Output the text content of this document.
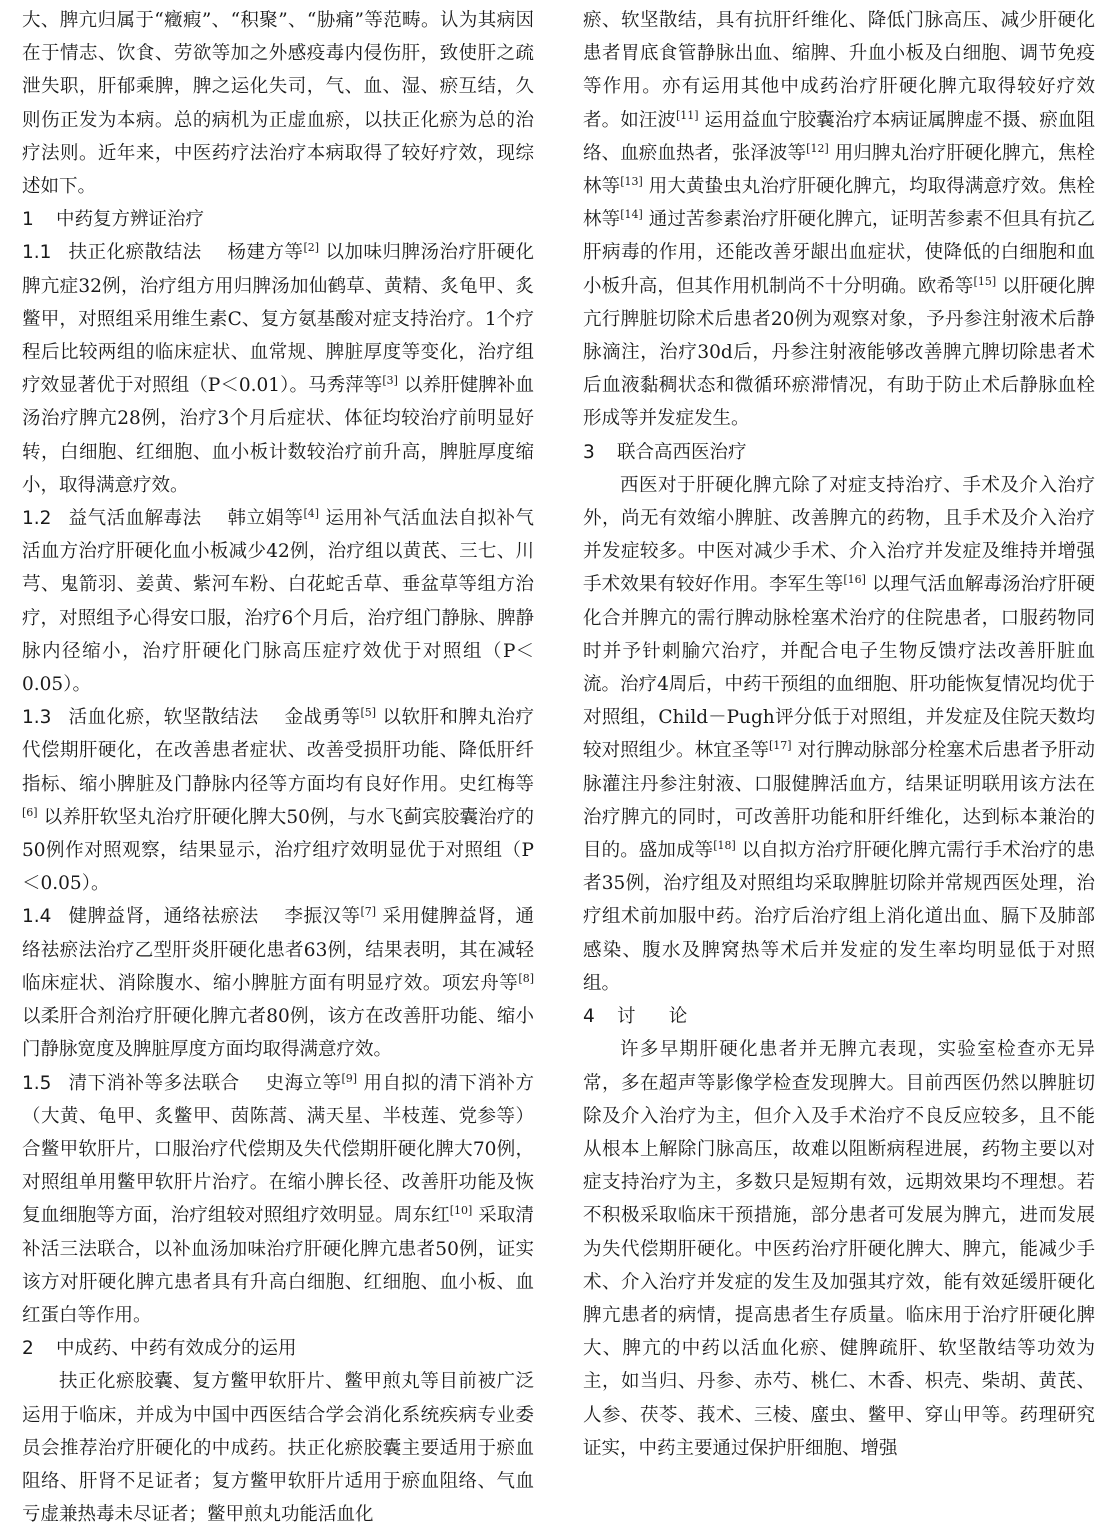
大、脾亢归属于“癥瘕”、“积聚”、“胁痛”等范畴。认为其病因在于情志、饮食、劳欲等加之外感疫毒内侵伤肝，致使肝之疏泄失职，肝郁乘脾，脾之运化失司，气、血、湿、瘀互结，久则伤正发为本病。总的病机为正虚血瘀，以扶正化瘀为总的治疗法则。近年来，中医药疗法治疗本病取得了较好疗效，现综述如下。

1 中药复方辨证治疗

1.1 扶正化瘀散结法 杨建方等[2] 以加味归脾汤治疗肝硬化脾亢症32例，治疗组方用归脾汤加仙鹤草、黄精、炙龟甲、炙鳖甲，对照组采用维生素C、复方氨基酸对症支持治疗。1个疗程后比较两组的临床症状、血常规、脾脏厚度等变化，治疗组疗效显著优于对照组（P＜0.01）。马秀萍等[3] 以养肝健脾补血汤治疗脾亢28例，治疗3个月后症状、体征均较治疗前明显好转，白细胞、红细胞、血小板计数较治疗前升高，脾脏厚度缩小，取得满意疗效。

1.2 益气活血解毒法 韩立娟等[4] 运用补气活血法自拟补气活血方治疗肝硬化血小板减少42例，治疗组以黄芪、三七、川芎、鬼箭羽、姜黄、紫河车粉、白花蛇舌草、垂盆草等组方治疗，对照组予心得安口服，治疗6个月后，治疗组门静脉、脾静脉内径缩小，治疗肝硬化门脉高压症疗效优于对照组（P＜0.05）。

1.3 活血化瘀，软坚散结法 金战勇等[5] 以软肝和脾丸治疗代偿期肝硬化，在改善患者症状、改善受损肝功能、降低肝纤指标、缩小脾脏及门静脉内径等方面均有良好作用。史红梅等[6] 以养肝软坚丸治疗肝硬化脾大50例，与水飞蓟宾胶囊治疗的50例作对照观察，结果显示，治疗组疗效明显优于对照组（P＜0.05）。

1.4 健脾益肾，通络祛瘀法 李振汉等[7] 采用健脾益肾，通络祛瘀法治疗乙型肝炎肝硬化患者63例，结果表明，其在减轻临床症状、消除腹水、缩小脾脏方面有明显疗效。项宏舟等[8] 以柔肝合剂治疗肝硬化脾亢者80例，该方在改善肝功能、缩小门静脉宽度及脾脏厚度方面均取得满意疗效。

1.5 清下消补等多法联合 史海立等[9] 用自拟的清下消补方（大黄、龟甲、炙鳖甲、茵陈蒿、满天星、半枝莲、党参等）合鳖甲软肝片，口服治疗代偿期及失代偿期肝硬化脾大70例，对照组单用鳖甲软肝片治疗。在缩小脾长径、改善肝功能及恢复血细胞等方面，治疗组较对照组疗效明显。周东红[10] 采取清补活三法联合，以补血汤加味治疗肝硬化脾亢患者50例，证实该方对肝硬化脾亢患者具有升高白细胞、红细胞、血小板、血红蛋白等作用。

2 中成药、中药有效成分的运用

扶正化瘀胶囊、复方鳖甲软肝片、鳖甲煎丸等目前被广泛运用于临床，并成为中国中西医结合学会消化系统疾病专业委员会推荐治疗肝硬化的中成药。扶正化瘀胶囊主要适用于瘀血阻络、肝肾不足证者；复方鳖甲软肝片适用于瘀血阻络、气血亏虚兼热毒未尽证者；鳖甲煎丸功能活血化

瘀、软坚散结，具有抗肝纤维化、降低门脉高压、减少肝硬化患者胃底食管静脉出血、缩脾、升血小板及白细胞、调节免疫等作用。亦有运用其他中成药治疗肝硬化脾亢取得较好疗效者。如汪波[11] 运用益血宁胶囊治疗本病证属脾虚不摄、瘀血阻络、血瘀血热者，张泽波等[12] 用归脾丸治疗肝硬化脾亢，焦栓林等[13] 用大黄蛰虫丸治疗肝硬化脾亢，均取得满意疗效。焦栓林等[14] 通过苦参素治疗肝硬化脾亢，证明苦参素不但具有抗乙肝病毒的作用，还能改善牙龈出血症状，使降低的白细胞和血小板升高，但其作用机制尚不十分明确。欧希等[15] 以肝硬化脾亢行脾脏切除术后患者20例为观察对象，予丹参注射液术后静脉滴注，治疗30d后，丹参注射液能够改善脾亢脾切除患者术后血液黏稠状态和微循环瘀滞情况，有助于防止术后静脉血栓形成等并发症发生。

3 联合高西医治疗

西医对于肝硬化脾亢除了对症支持治疗、手术及介入治疗外，尚无有效缩小脾脏、改善脾亢的药物，且手术及介入治疗并发症较多。中医对减少手术、介入治疗并发症及维持并增强手术效果有较好作用。李军生等[16] 以理气活血解毒汤治疗肝硬化合并脾亢的需行脾动脉栓塞术治疗的住院患者，口服药物同时并予针刺腧穴治疗，并配合电子生物反馈疗法改善肝脏血流。治疗4周后，中药干预组的血细胞、肝功能恢复情况均优于对照组，Child－Pugh评分低于对照组，并发症及住院天数均较对照组少。林宜圣等[17] 对行脾动脉部分栓塞术后患者予肝动脉灌注丹参注射液、口服健脾活血方，结果证明联用该方法在治疗脾亢的同时，可改善肝功能和肝纤维化，达到标本兼治的目的。盛加成等[18] 以自拟方治疗肝硬化脾亢需行手术治疗的患者35例，治疗组及对照组均采取脾脏切除并常规西医处理，治疗组术前加服中药。治疗后治疗组上消化道出血、膈下及肺部感染、腹水及脾窝热等术后并发症的发生率均明显低于对照组。

4 讨论

许多早期肝硬化患者并无脾亢表现，实验室检查亦无异常，多在超声等影像学检查发现脾大。目前西医仍然以脾脏切除及介入治疗为主，但介入及手术治疗不良反应较多，且不能从根本上解除门脉高压，故难以阻断病程进展，药物主要以对症支持治疗为主，多数只是短期有效，远期效果均不理想。若不积极采取临床干预措施，部分患者可发展为脾亢，进而发展为失代偿期肝硬化。中医药治疗肝硬化脾大、脾亢，能减少手术、介入治疗并发症的发生及加强其疗效，能有效延缓肝硬化脾亢患者的病情，提高患者生存质量。临床用于治疗肝硬化脾大、脾亢的中药以活血化瘀、健脾疏肝、软坚散结等功效为主，如当归、丹参、赤芍、桃仁、木香、枳壳、柴胡、黄芪、人参、茯苓、莪术、三棱、䗪虫、鳖甲、穿山甲等。药理研究证实，中药主要通过保护肝细胞、增强
